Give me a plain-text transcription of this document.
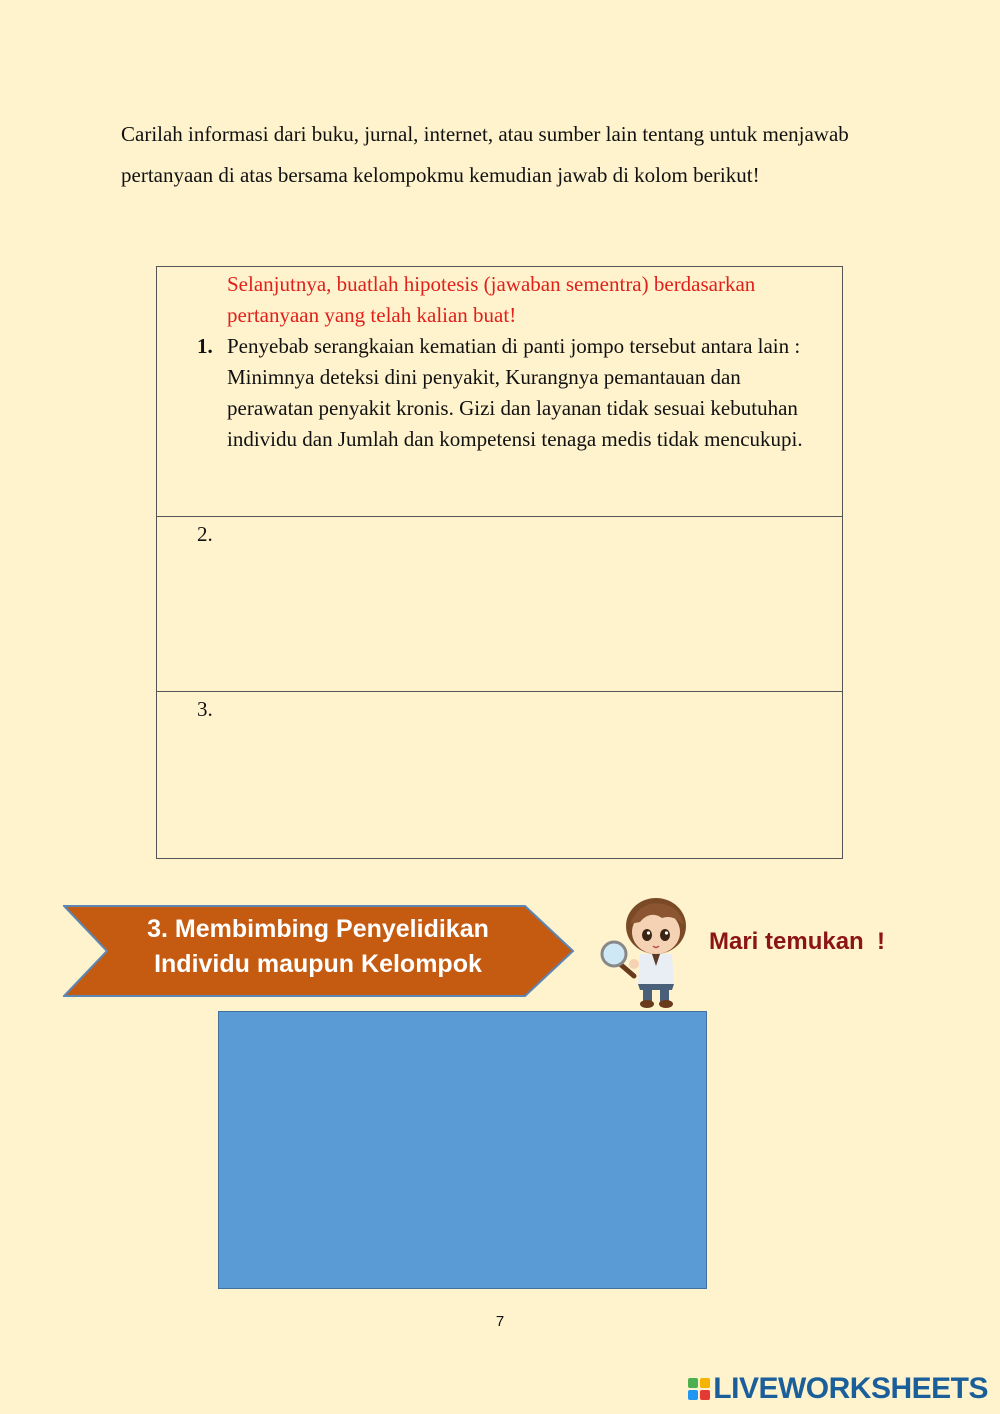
Carilah informasi dari buku, jurnal, internet, atau sumber lain tentang untuk menjawab pertanyaan di atas bersama kelompokmu kemudian jawab di kolom berikut!

Selanjutnya, buatlah hipotesis (jawaban sementra) berdasarkan pertanyaan yang telah kalian buat!

1. Penyebab serangkaian kematian di panti jompo tersebut antara lain : Minimnya deteksi dini penyakit, Kurangnya pemantauan dan perawatan penyakit kronis. Gizi dan layanan tidak sesuai kebutuhan individu dan Jumlah dan kompetensi tenaga medis tidak mencukupi.

2.
3.
3. Membimbing Penyelidikan
Individu maupun Kelompok
Mari temukan  !
7
LIVEWORKSHEETS
